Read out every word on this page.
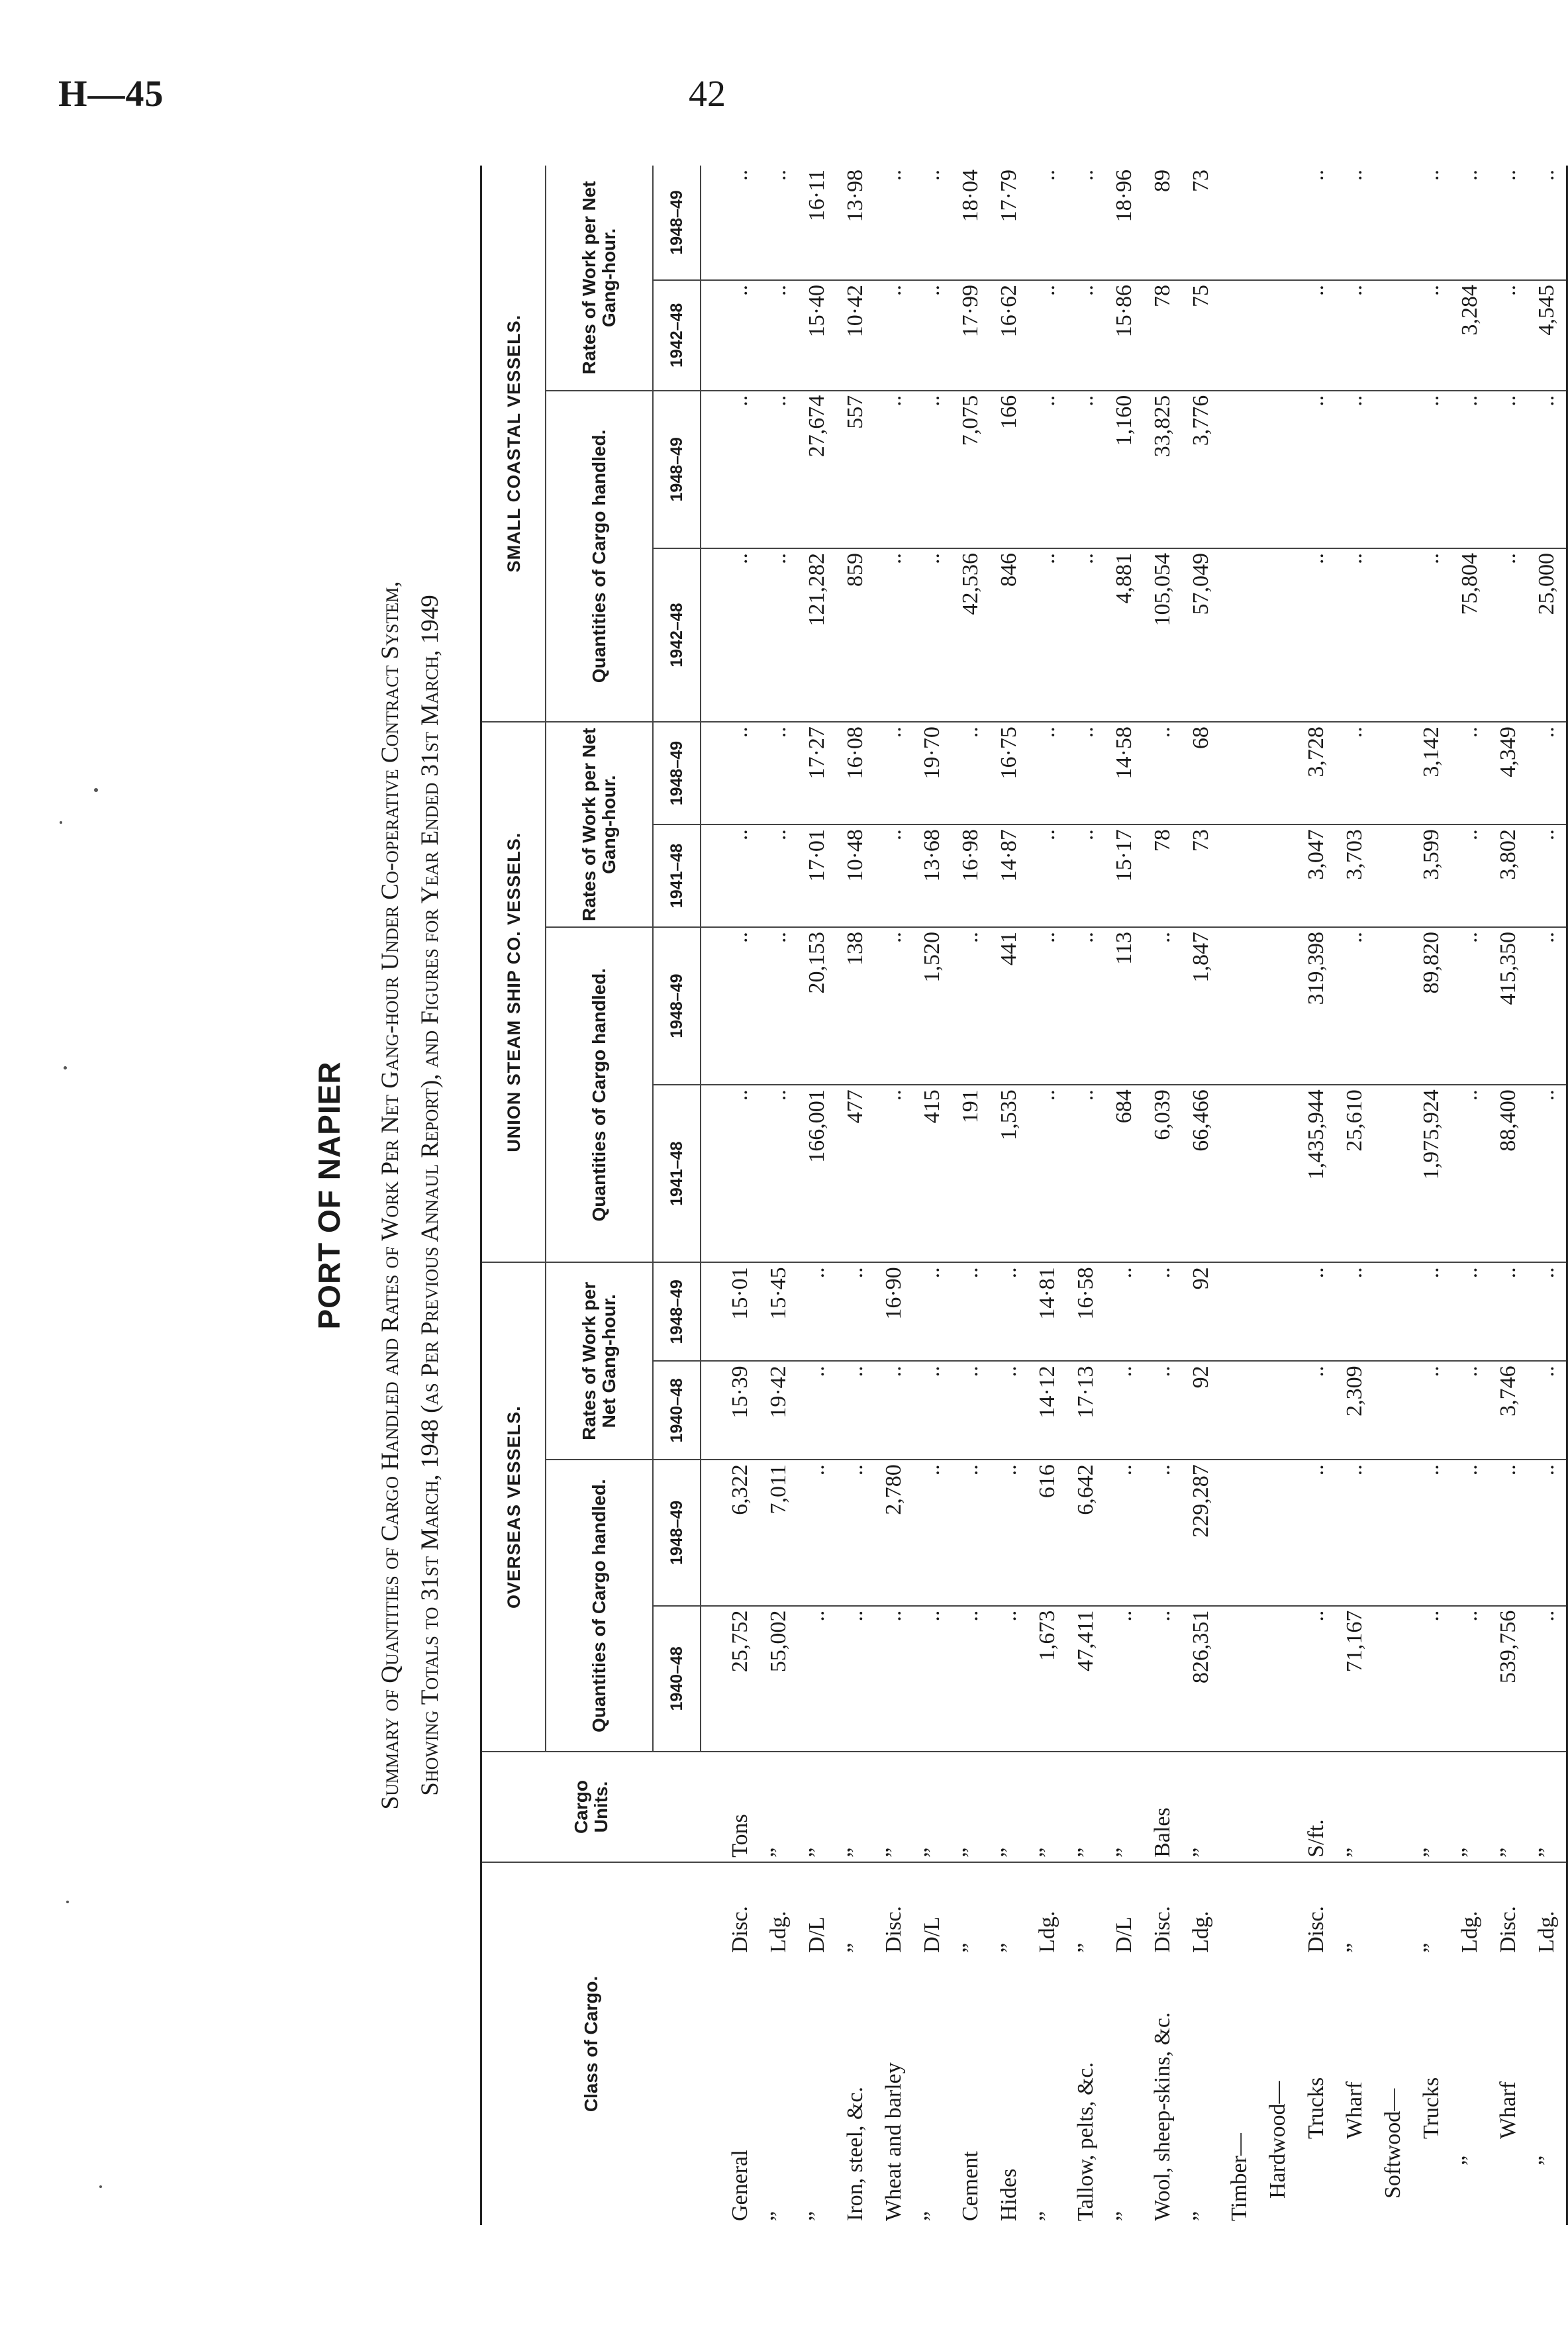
H—45	42
PORT OF NAPIER Summary of Quantities of Cargo Handled and Rates of Work Per Net Gang-hour Under Co-operative Contract System, Showing Totals to 31st March, 1948 (as Per Previous Annaul Report), and Figures for Year Ended 31st March, 1949
Class of Cargo.		Cargo Units.	OVERSEAS VESSELS.				UNION STEAM SHIP CO. VESSELS.				SMALL COASTAL VESSELS.			
			Quantities of Cargo handled.		Rates of Work per Net Gang-hour.		Quantities of Cargo handled.		Rates of Work per Net Gang-hour.		Quantities of Cargo handled.		Rates of Work per Net Gang-hour.	
			1940–48	1948–49	1940–48	1948–49	1941–48	1948–49	1941–48	1948–49	1942–48	1948–49	1942–48	1948–49
General	Disc.	Tons	25,752	6,322	15·39	15·01	..	..	..	..	..	..	..	..
”	Ldg.	”	55,002	7,011	19·42	15·45	..	..	..	..	..	..	..	..
”	D/L	”	..	..	..	..	166,001	20,153	17·01	17·27	121,282	27,674	15·40	16·11
Iron, steel, &c.	”	”	..	..	..	..	477	138	10·48	16·08	859	557	10·42	13·98
Wheat and barley	Disc.	”	..	2,780	..	16·90	..	..	..	..	..	..	..	..
”	D/L	”	..	..	..	..	415	1,520	13·68	19·70	..	..	..	..
Cement	”	”	..	..	..	..	191	..	16·98	..	42,536	7,075	17·99	18·04
Hides	”	”	..	..	..	..	1,535	441	14·87	16·75	846	166	16·62	17·79
”	Ldg.	”	1,673	616	14·12	14·81	..	..	..	..	..	..	..	..
Tallow, pelts, &c.	”	”	47,411	6,642	17·13	16·58	..	..	..	..	..	..	..	..
”	D/L	”	..	..	..	..	684	113	15·17	14·58	4,881	1,160	15·86	18·96
Wool, sheep-skins, &c.	Disc.	Bales	..	..	..	..	6,039	..	78	..	105,054	33,825	78	89
”	Ldg.	”	826,351	229,287	92	92	66,466	1,847	73	68	57,049	3,776	75	73
Timber—														
Hardwood—														
Trucks	Disc.	S/ft.	..	..	..	..	1,435,944	319,398	3,047	3,728	..	..	..	..
Wharf	”	”	71,167	..	2,309	..	25,610	..	3,703	..	..	..	..	..
Softwood—														
Trucks	”	”	..	..	..	..	1,975,924	89,820	3,599	3,142	..	..	..	..
”	Ldg.	”	..	..	..	..	..	..	..	..	75,804	..	3,284	..
Wharf	Disc.	”	539,756	..	3,746	..	88,400	415,350	3,802	4,349	..	..	..	..
”	Ldg.	”	..	..	..	..	..	..	..	..	25,000	..	4,545	..
